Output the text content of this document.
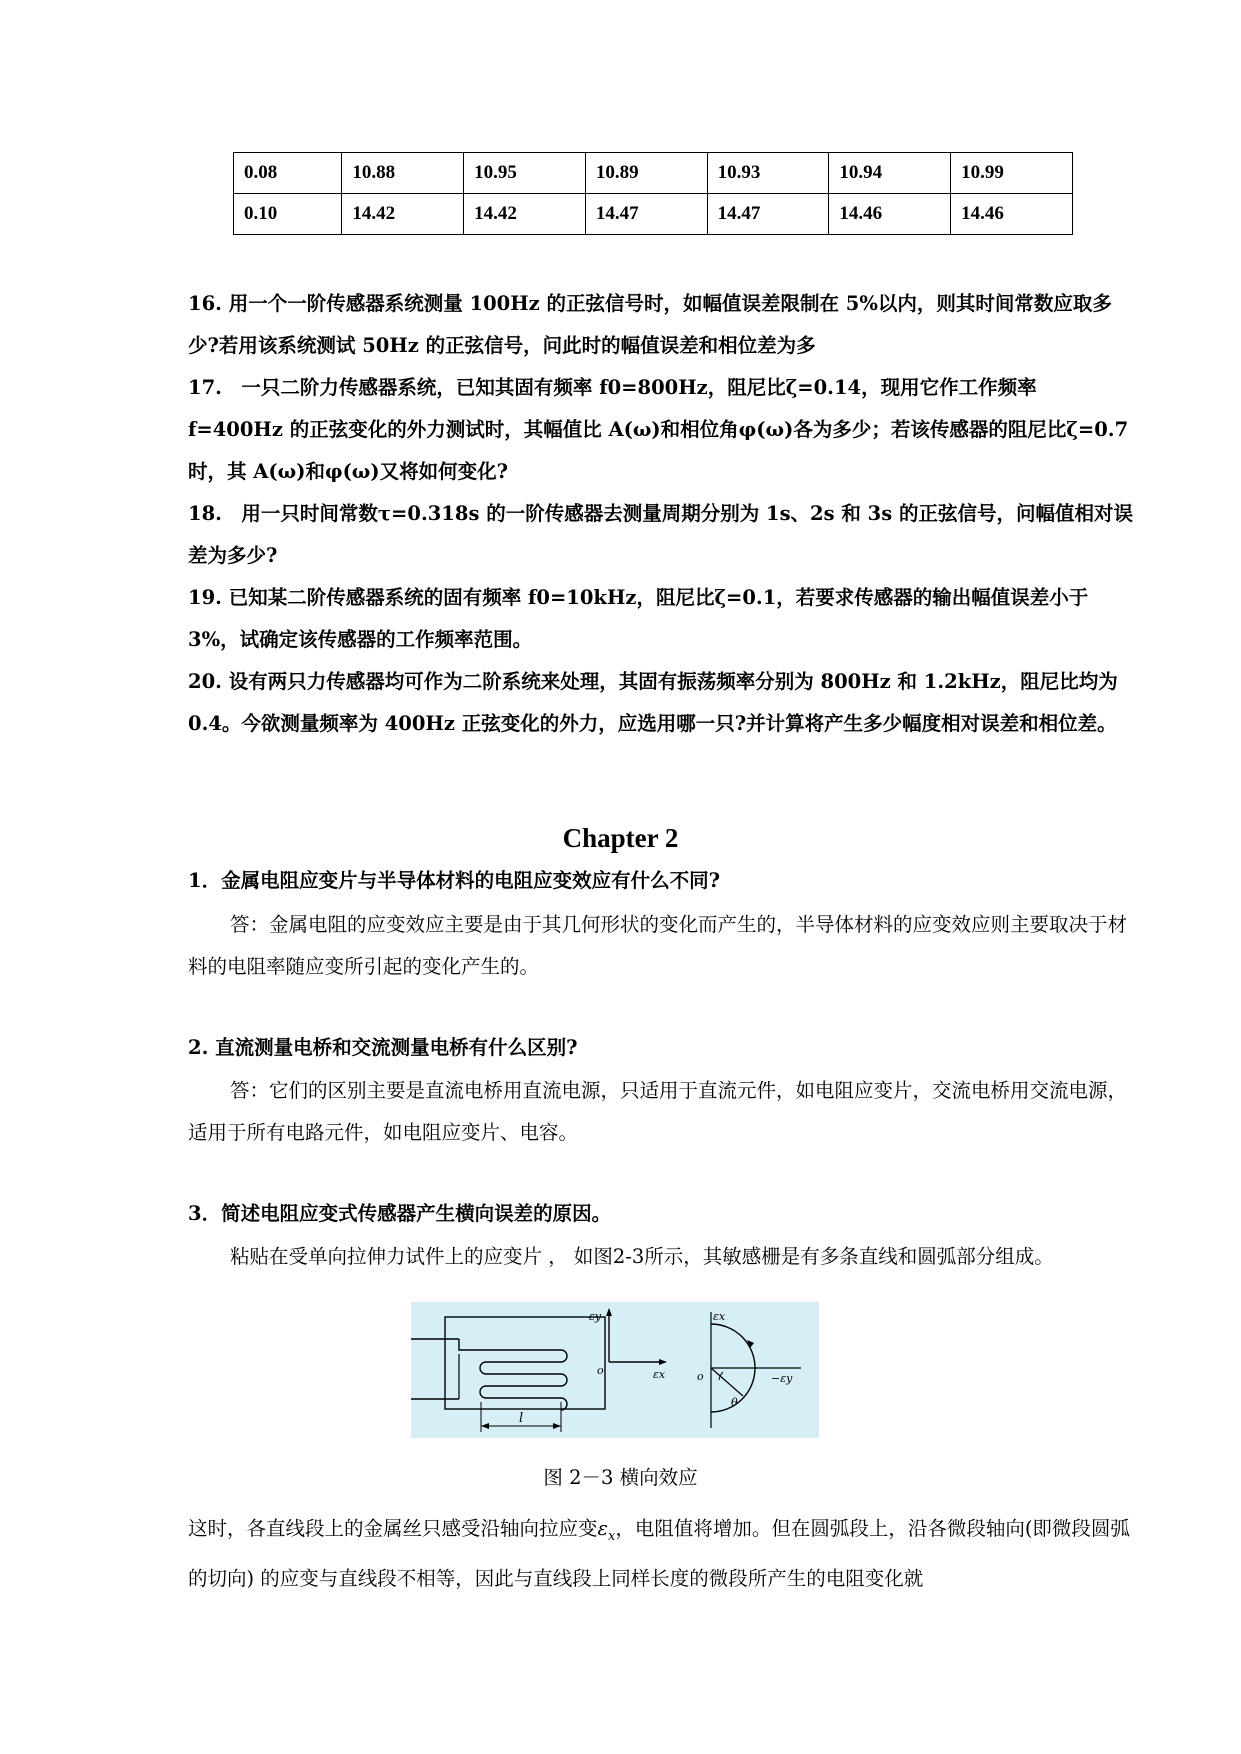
0.08	10.88	10.95	10.89	10.93	10.94	10.99
0.10	14.42	14.42	14.47	14.47	14.46	14.46

16. 用一个一阶传感器系统测量 100Hz 的正弦信号时，如幅值误差限制在 5%以内，则其时间常数应取多少?若用该系统测试 50Hz 的正弦信号，问此时的幅值误差和相位差为多

17.　一只二阶力传感器系统，已知其固有频率 f0=800Hz，阻尼比ζ=0.14，现用它作工作频率 f=400Hz 的正弦变化的外力测试时，其幅值比 A(ω)和相位角φ(ω)各为多少；若该传感器的阻尼比ζ=0.7 时，其 A(ω)和φ(ω)又将如何变化?

18.　用一只时间常数τ=0.318s 的一阶传感器去测量周期分别为 1s、2s 和 3s 的正弦信号，问幅值相对误差为多少?

19. 已知某二阶传感器系统的固有频率 f0=10kHz，阻尼比ζ=0.1，若要求传感器的输出幅值误差小于 3%，试确定该传感器的工作频率范围。

20. 设有两只力传感器均可作为二阶系统来处理，其固有振荡频率分别为 800Hz 和 1.2kHz，阻尼比均为 0.4。今欲测量频率为 400Hz 正弦变化的外力，应选用哪一只?并计算将产生多少幅度相对误差和相位差。

Chapter 2
1．金属电阻应变片与半导体材料的电阻应变效应有什么不同?
答：金属电阻的应变效应主要是由于其几何形状的变化而产生的，半导体材料的应变效应则主要取决于材料的电阻率随应变所引起的变化产生的。
2. 直流测量电桥和交流测量电桥有什么区别?
答：它们的区别主要是直流电桥用直流电源，只适用于直流元件，如电阻应变片，交流电桥用交流电源，适用于所有电路元件，如电阻应变片、电容。
3．简述电阻应变式传感器产生横向误差的原因。
粘贴在受单向拉伸力试件上的应变片 ， 如图2-3所示，其敏感栅是有多条直线和圆弧部分组成。
l
εy
o	εx
εx
o	−εy
θ
图 2－3 横向效应
这时，各直线段上的金属丝只感受沿轴向拉应变$\varepsilon_x$，电阻值将增加。但在圆弧段上，沿各微段轴向(即微段圆弧的切向) 的应变与直线段不相等，因此与直线段上同样长度的微段所产生的电阻变化就
